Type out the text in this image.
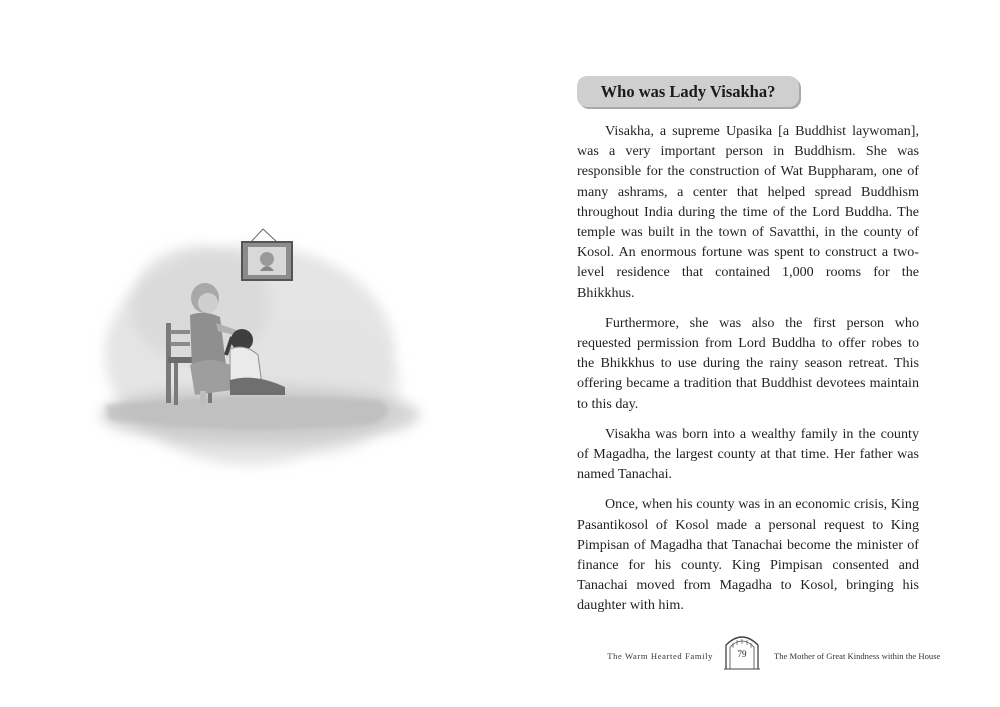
Who was Lady Visakha?

Visakha, a supreme Upasika [a Buddhist laywoman], was a very important person in Buddhism. She was responsible for the construction of Wat Buppharam, one of many ashrams, a center that helped spread Buddhism throughout India during the time of the Lord Buddha. The temple was built in the town of Savatthi, in the county of Kosol. An enormous fortune was spent to construct a two-level residence that contained 1,000 rooms for the Bhikkhus.

Furthermore, she was also the first person who requested permission from Lord Buddha to offer robes to the Bhikkhus to use during the rainy season retreat. This offering became a tradition that Buddhist devotees maintain to this day.

Visakha was born into a wealthy family in the county of Magadha, the largest county at that time. Her father was named Tanachai.

Once, when his county was in an economic crisis, King Pasantikosol of Kosol made a personal request to King Pimpisan of Magadha that Tanachai become the minister of finance for his county. King Pimpisan consented and Tanachai moved from Magadha to Kosol, bringing his daughter with him.

The Warm Hearted Family	79	The Mother of Great Kindness within the House
